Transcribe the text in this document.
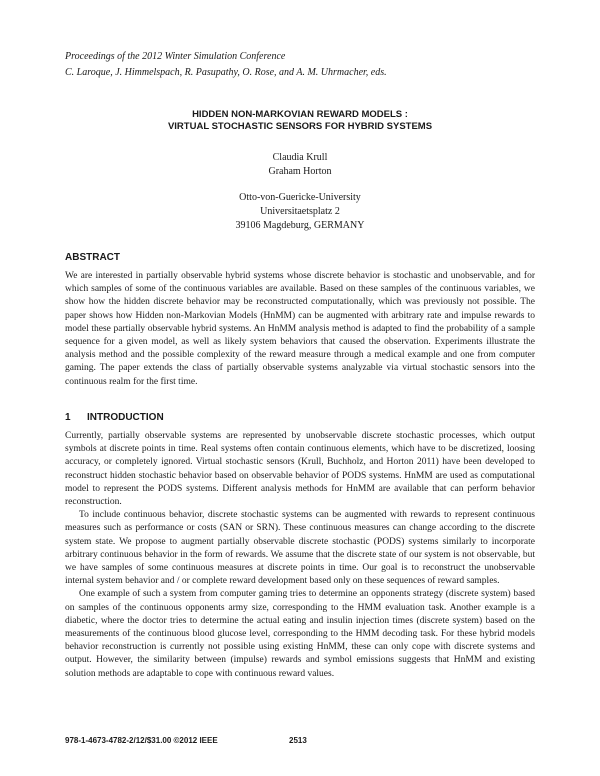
Proceedings of the 2012 Winter Simulation Conference
C. Laroque, J. Himmelspach, R. Pasupathy, O. Rose, and A. M. Uhrmacher, eds.
HIDDEN NON-MARKOVIAN REWARD MODELS :
VIRTUAL STOCHASTIC SENSORS FOR HYBRID SYSTEMS
Claudia Krull
Graham Horton
Otto-von-Guericke-University
Universitaetsplatz 2
39106 Magdeburg, GERMANY
ABSTRACT
We are interested in partially observable hybrid systems whose discrete behavior is stochastic and unobservable, and for which samples of some of the continuous variables are available. Based on these samples of the continuous variables, we show how the hidden discrete behavior may be reconstructed computationally, which was previously not possible. The paper shows how Hidden non-Markovian Models (HnMM) can be augmented with arbitrary rate and impulse rewards to model these partially observable hybrid systems. An HnMM analysis method is adapted to find the probability of a sample sequence for a given model, as well as likely system behaviors that caused the observation. Experiments illustrate the analysis method and the possible complexity of the reward measure through a medical example and one from computer gaming. The paper extends the class of partially observable systems analyzable via virtual stochastic sensors into the continuous realm for the first time.
1 INTRODUCTION

Currently, partially observable systems are represented by unobservable discrete stochastic processes, which output symbols at discrete points in time. Real systems often contain continuous elements, which have to be discretized, loosing accuracy, or completely ignored. Virtual stochastic sensors (Krull, Buchholz, and Horton 2011) have been developed to reconstruct hidden stochastic behavior based on observable behavior of PODS systems. HnMM are used as computational model to represent the PODS systems. Different analysis methods for HnMM are available that can perform behavior reconstruction.

To include continuous behavior, discrete stochastic systems can be augmented with rewards to represent continuous measures such as performance or costs (SAN or SRN). These continuous measures can change according to the discrete system state. We propose to augment partially observable discrete stochastic (PODS) systems similarly to incorporate arbitrary continuous behavior in the form of rewards. We assume that the discrete state of our system is not observable, but we have samples of some continuous measures at discrete points in time. Our goal is to reconstruct the unobservable internal system behavior and / or complete reward development based only on these sequences of reward samples.

One example of such a system from computer gaming tries to determine an opponents strategy (discrete system) based on samples of the continuous opponents army size, corresponding to the HMM evaluation task. Another example is a diabetic, where the doctor tries to determine the actual eating and insulin injection times (discrete system) based on the measurements of the continuous blood glucose level, corresponding to the HMM decoding task. For these hybrid models behavior reconstruction is currently not possible using existing HnMM, these can only cope with discrete systems and output. However, the similarity between (impulse) rewards and symbol emissions suggests that HnMM and existing solution methods are adaptable to cope with continuous reward values.

978-1-4673-4782-2/12/$31.00 ©2012 IEEE	2513
